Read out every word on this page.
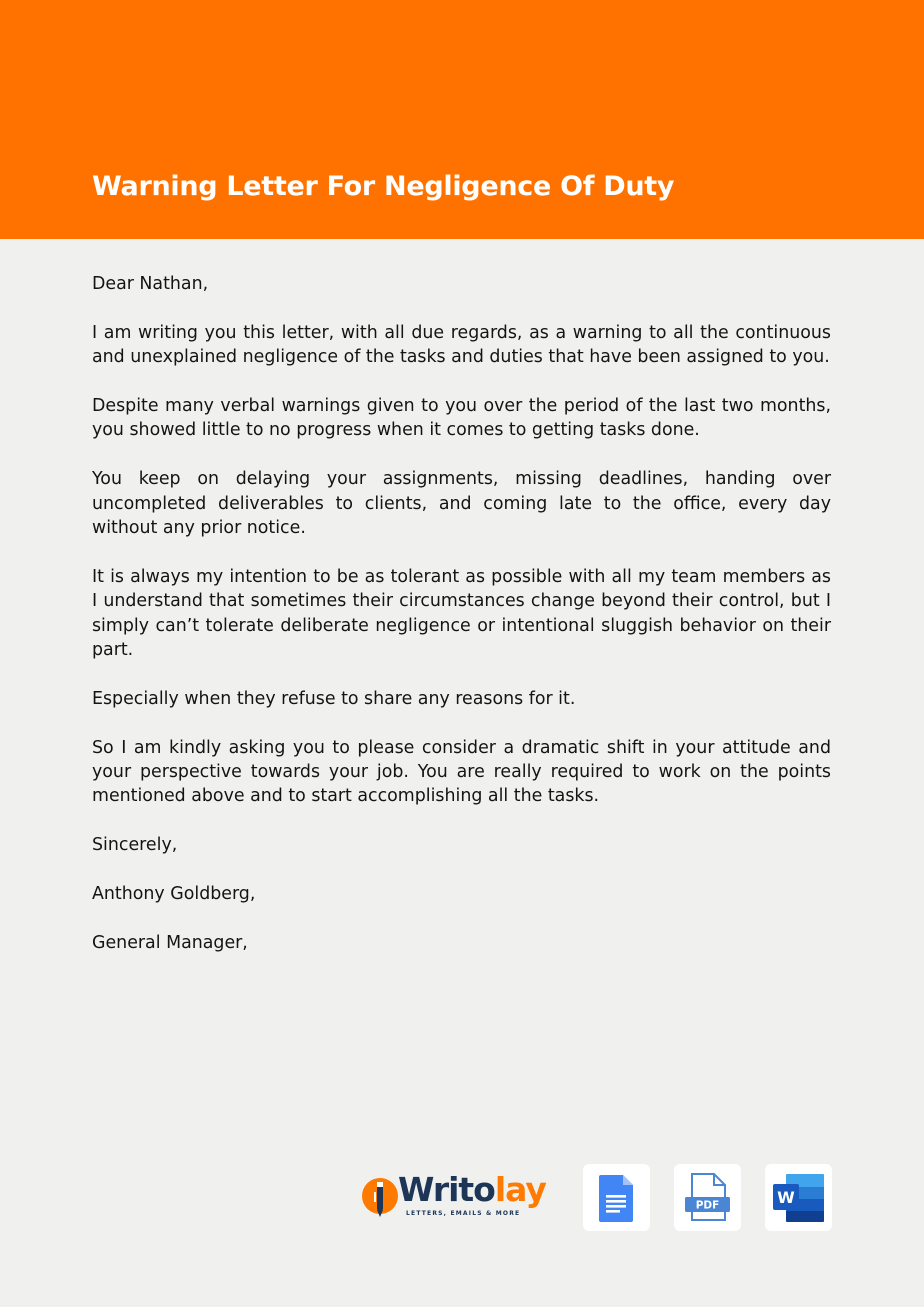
Warning Letter For Negligence Of Duty

Dear Nathan,

I am writing you this letter, with all due regards, as a warning to all the continuous and unexplained negligence of the tasks and duties that have been assigned to you.

Despite many verbal warnings given to you over the period of the last two months, you showed little to no progress when it comes to getting tasks done.

You keep on delaying your assignments, missing deadlines, handing over uncompleted deliverables to clients, and coming late to the office, every day without any prior notice.

It is always my intention to be as tolerant as possible with all my team members as I understand that sometimes their circumstances change beyond their control, but I simply can’t tolerate deliberate negligence or intentional sluggish behavior on their part.

Especially when they refuse to share any reasons for it.

So I am kindly asking you to please consider a dramatic shift in your attitude and your perspective towards your job. You are really required to work on the points mentioned above and to start accomplishing all the tasks.

Sincerely,

Anthony Goldberg,

General Manager,

Writolay
LETTERS, EMAILS & MORE
PDF	W
